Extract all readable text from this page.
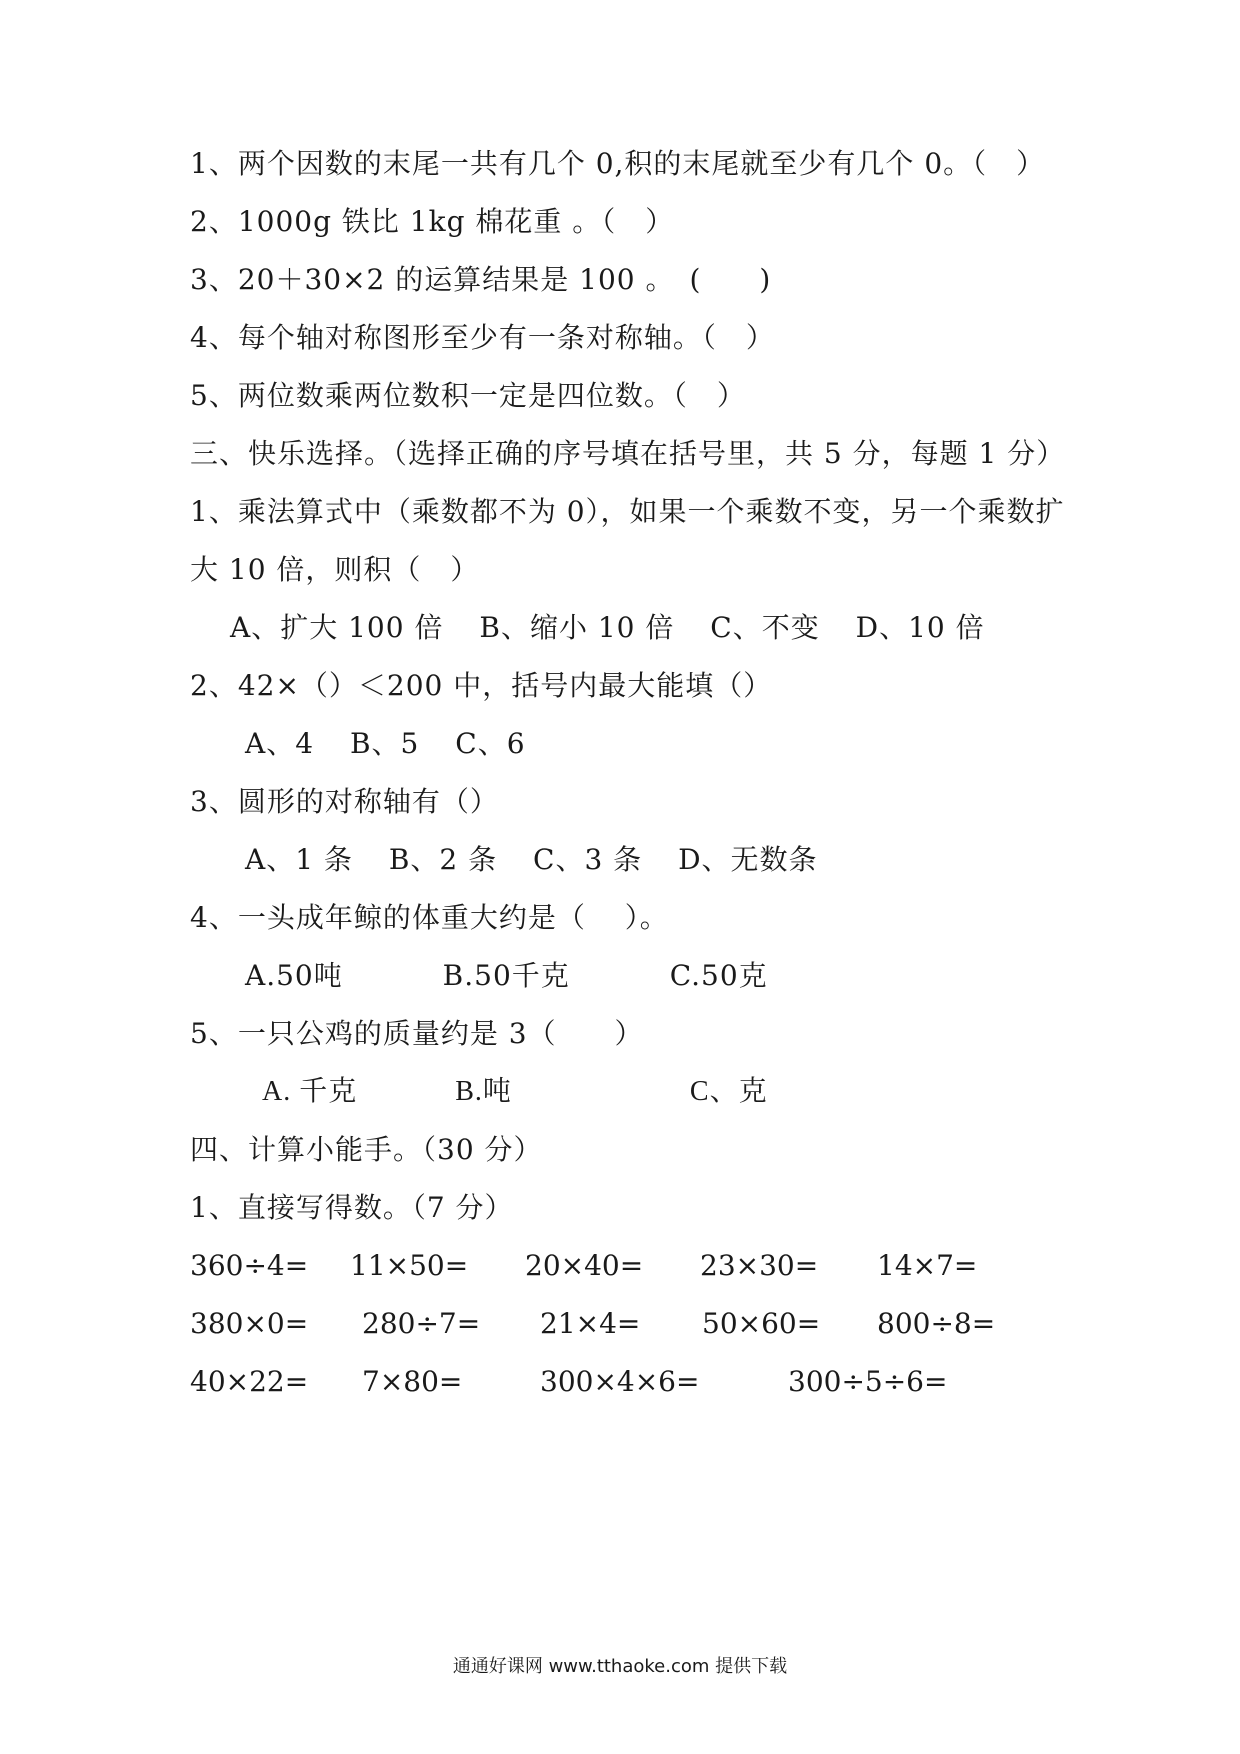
1、两个因数的末尾一共有几个 0,积的末尾就至少有几个 0。（　）
2、1000g 铁比 1kg 棉花重 。（　）
3、20＋30×2 的运算结果是 100 。　(　　)
4、每个轴对称图形至少有一条对称轴。（　）
5、两位数乘两位数积一定是四位数。（　）
三、快乐选择。（选择正确的序号填在括号里，共 5 分，每题 1 分）
1、乘法算式中（乘数都不为 0），如果一个乘数不变，另一个乘数扩
大 10 倍，则积（　）
A、扩大 100 倍 B、缩小 10 倍 C、不变 D、10 倍
2、42×（）＜200 中，括号内最大能填（）
A、4 B、5 C、6
3、圆形的对称轴有（）
A、1 条 B、2 条 C、3 条 D、无数条
4、一头成年鲸的体重大约是（　 ）。
A.50吨	B.50千克	C.50克
5、一只公鸡的质量约是 3（　　）
A. 千克	B.吨	C、克
四、计算小能手。（30 分）
1、直接写得数。（7 分）
360÷4= 11×50= 20×40= 23×30= 14×7=
380×0= 280÷7= 21×4= 50×60= 800÷8=
40×22= 7×80=	300×4×6=	300÷5÷6=
通通好课网 www.tthaoke.com 提供下载
